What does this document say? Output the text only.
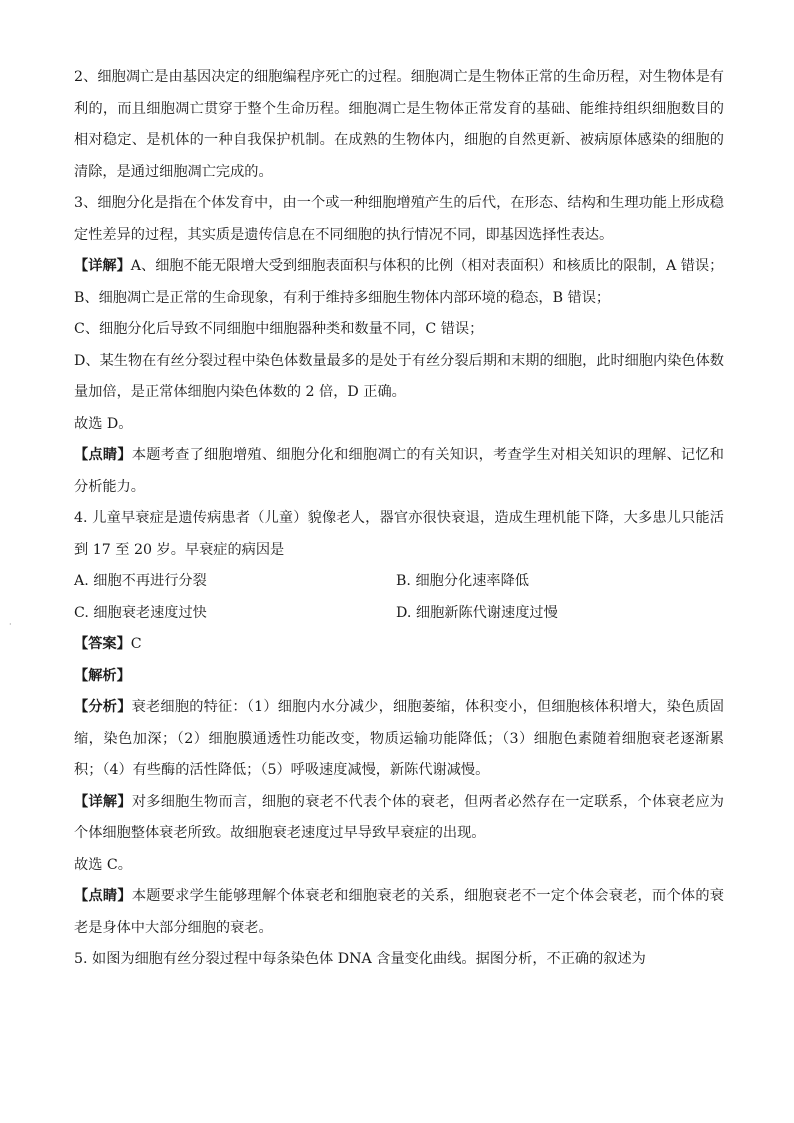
2、细胞凋亡是由基因决定的细胞编程序死亡的过程。细胞凋亡是生物体正常的生命历程，对生物体是有利的，而且细胞凋亡贯穿于整个生命历程。细胞凋亡是生物体正常发育的基础、能维持组织细胞数目的相对稳定、是机体的一种自我保护机制。在成熟的生物体内，细胞的自然更新、被病原体感染的细胞的清除，是通过细胞凋亡完成的。

3、细胞分化是指在个体发育中，由一个或一种细胞增殖产生的后代，在形态、结构和生理功能上形成稳定性差异的过程，其实质是遗传信息在不同细胞的执行情况不同，即基因选择性表达。

【详解】A、细胞不能无限增大受到细胞表面积与体积的比例（相对表面积）和核质比的限制，A 错误；

B、细胞凋亡是正常的生命现象，有利于维持多细胞生物体内部环境的稳态，B 错误；

C、细胞分化后导致不同细胞中细胞器种类和数量不同，C 错误；

D、某生物在有丝分裂过程中染色体数量最多的是处于有丝分裂后期和末期的细胞，此时细胞内染色体数量加倍，是正常体细胞内染色体数的 2 倍，D 正确。

故选 D。

【点睛】本题考查了细胞增殖、细胞分化和细胞凋亡的有关知识，考查学生对相关知识的理解、记忆和分析能力。

4. 儿童早衰症是遗传病患者（儿童）貌像老人，器官亦很快衰退，造成生理机能下降，大多患儿只能活到 17 至 20 岁。早衰症的病因是

A. 细胞不再进行分裂	B. 细胞分化速率降低
C. 细胞衰老速度过快	D. 细胞新陈代谢速度过慢

【答案】C

【解析】

【分析】衰老细胞的特征：（1）细胞内水分减少，细胞萎缩，体积变小，但细胞核体积增大，染色质固缩，染色加深；（2）细胞膜通透性功能改变，物质运输功能降低；（3）细胞色素随着细胞衰老逐渐累积；（4）有些酶的活性降低；（5）呼吸速度减慢，新陈代谢减慢。

【详解】对多细胞生物而言，细胞的衰老不代表个体的衰老，但两者必然存在一定联系，个体衰老应为个体细胞整体衰老所致。故细胞衰老速度过早导致早衰症的出现。

故选 C。

【点睛】本题要求学生能够理解个体衰老和细胞衰老的关系，细胞衰老不一定个体会衰老，而个体的衰老是身体中大部分细胞的衰老。

5. 如图为细胞有丝分裂过程中每条染色体 DNA 含量变化曲线。据图分析，不正确的叙述为

·
